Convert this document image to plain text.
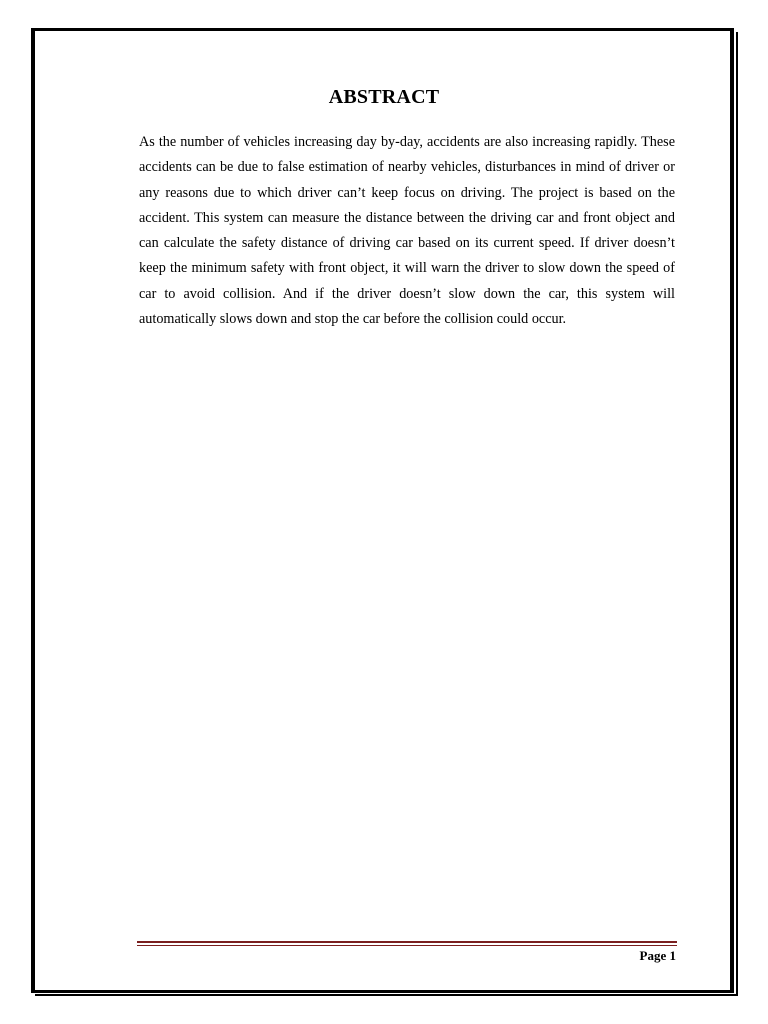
ABSTRACT

As the number of vehicles increasing day by-day, accidents are also increasing rapidly. These accidents can be due to false estimation of nearby vehicles, disturbances in mind of driver or any reasons due to which driver can’t keep focus on driving. The project is based on the accident. This system can measure the distance between the driving car and front object and can calculate the safety distance of driving car based on its current speed. If driver doesn’t keep the minimum safety with front object, it will warn the driver to slow down the speed of car to avoid collision. And if the driver doesn’t slow down the car, this system will automatically slows down and stop the car before the collision could occur.

Page 1
